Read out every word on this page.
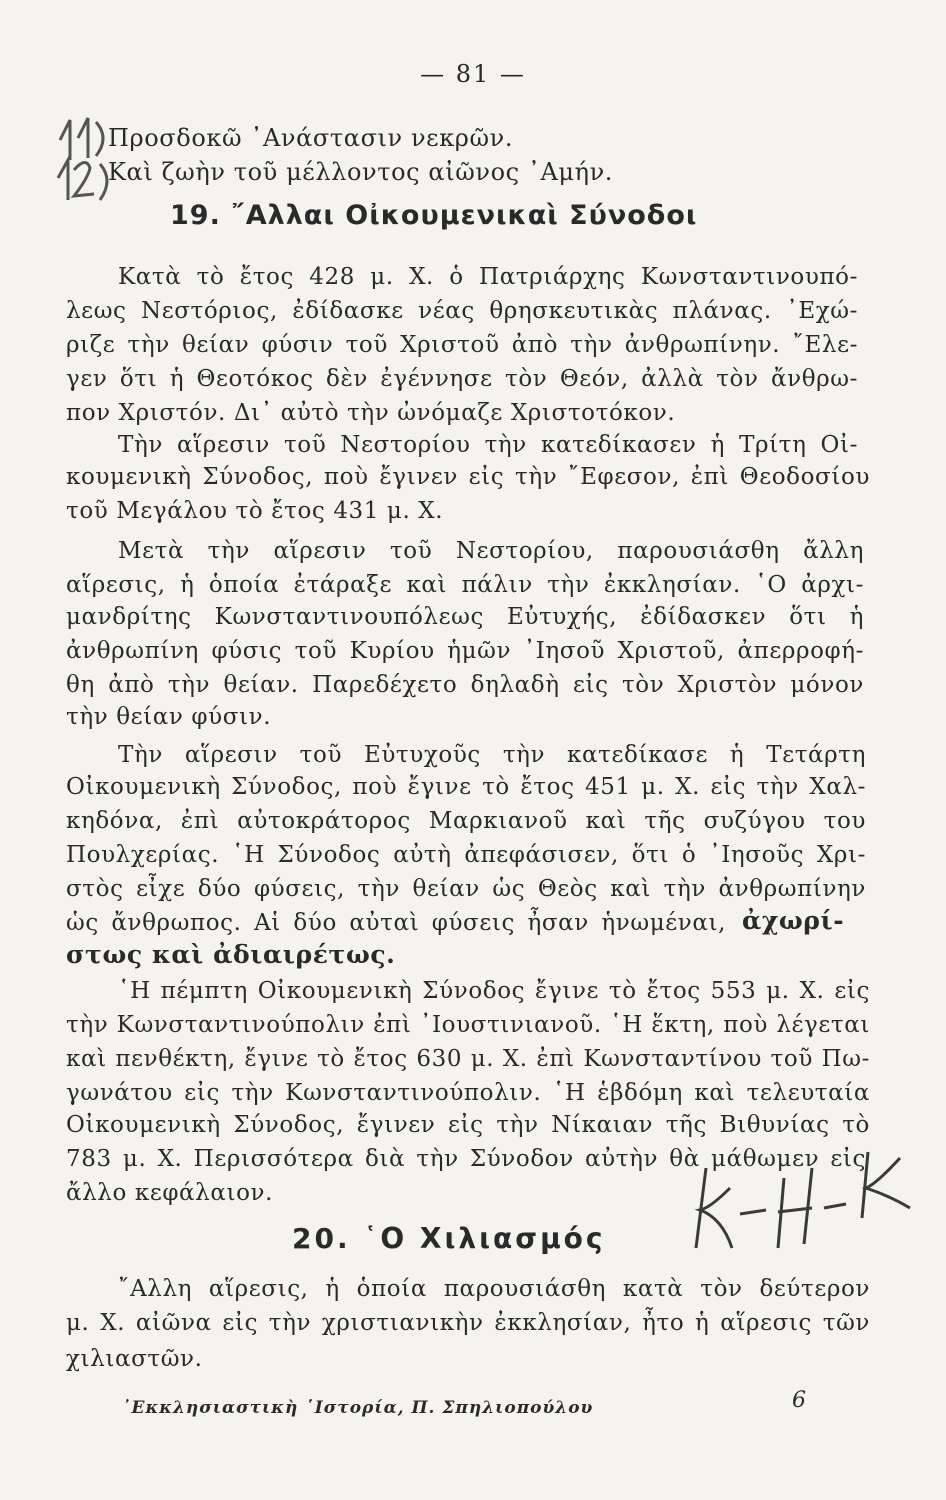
— 81 —
Προσδοκῶ ᾽Ανάστασιν νεκρῶν.
Καὶ ζωὴν τοῦ μέλλοντος αἰῶνος ᾽Αμήν.
19. ῎Αλλαι Οἰκουμενικαὶ Σύνοδοι
Κατὰ τὸ ἔτος 428 μ. Χ. ὁ Πατριάρχης Κωνσταντινουπό-
λεως Νεστόριος, ἐδίδασκε νέας θρησκευτικὰς πλάνας. ᾽Εχώ-
ριζε τὴν θείαν φύσιν τοῦ Χριστοῦ ἀπὸ τὴν ἀνθρωπίνην. ῎Ελε-
γεν ὅτι ἡ Θεοτόκος δὲν ἐγέννησε τὸν Θεόν, ἀλλὰ τὸν ἄνθρω-
πον Χριστόν. Δι᾽ αὐτὸ τὴν ὠνόμαζε Χριστοτόκον.
Τὴν αἵρεσιν τοῦ Νεστορίου τὴν κατεδίκασεν ἡ Τρίτη Οἰ-
κουμενικὴ Σύνοδος, ποὺ ἔγινεν εἰς τὴν ῎Εφεσον, ἐπὶ Θεοδοσίου
τοῦ Μεγάλου τὸ ἔτος 431 μ. Χ.
Μετὰ τὴν αἵρεσιν τοῦ Νεστορίου, παρουσιάσθη ἄλλη
αἵρεσις, ἡ ὁποία ἐτάραξε καὶ πάλιν τὴν ἐκκλησίαν. ῾Ο ἀρχι-
μανδρίτης Κωνσταντινουπόλεως Εὐτυχής, ἐδίδασκεν ὅτι ἡ
ἀνθρωπίνη φύσις τοῦ Κυρίου ἡμῶν ᾽Ιησοῦ Χριστοῦ, ἀπερροφή-
θη ἀπὸ τὴν θείαν. Παρεδέχετο δηλαδὴ εἰς τὸν Χριστὸν μόνον
τὴν θείαν φύσιν.
Τὴν αἵρεσιν τοῦ Εὐτυχοῦς τὴν κατεδίκασε ἡ Τετάρτη
Οἰκουμενικὴ Σύνοδος, ποὺ ἔγινε τὸ ἔτος 451 μ. Χ. εἰς τὴν Χαλ-
κηδόνα, ἐπὶ αὐτοκράτορος Μαρκιανοῦ καὶ τῆς συζύγου του
Πουλχερίας. ῾Η Σύνοδος αὐτὴ ἀπεφάσισεν, ὅτι ὁ ᾽Ιησοῦς Χρι-
στὸς εἶχε δύο φύσεις, τὴν θείαν ὡς Θεὸς καὶ τὴν ἀνθρωπίνην
ὡς ἄνθρωπος. Αἱ δύο αὐταὶ φύσεις ἦσαν ἡνωμέναι, ἀχωρί-
στως καὶ ἀδιαιρέτως.
῾Η πέμπτη Οἰκουμενικὴ Σύνοδος ἔγινε τὸ ἔτος 553 μ. Χ. εἰς
τὴν Κωνσταντινούπολιν ἐπὶ ᾽Ιουστινιανοῦ. ῾Η ἕκτη, ποὺ λέγεται
καὶ πενθέκτη, ἔγινε τὸ ἔτος 630 μ. Χ. ἐπὶ Κωνσταντίνου τοῦ Πω-
γωνάτου εἰς τὴν Κωνσταντινούπολιν. ῾Η ἑβδόμη καὶ τελευταία
Οἰκουμενικὴ Σύνοδος, ἔγινεν εἰς τὴν Νίκαιαν τῆς Βιθυνίας τὸ
783 μ. Χ. Περισσότερα διὰ τὴν Σύνοδον αὐτὴν θὰ μάθωμεν εἰς
ἄλλο κεφάλαιον.
20. ῾Ο Χιλιασμός
῎Αλλη αἵρεσις, ἡ ὁποία παρουσιάσθη κατὰ τὸν δεύτερον
μ. Χ. αἰῶνα εἰς τὴν χριστιανικὴν ἐκκλησίαν, ἦτο ἡ αἵρεσις τῶν
χιλιαστῶν.
᾽Εκκλησιαστικὴ ῾Ιστορία, Π. Σπηλιοπούλου	6
